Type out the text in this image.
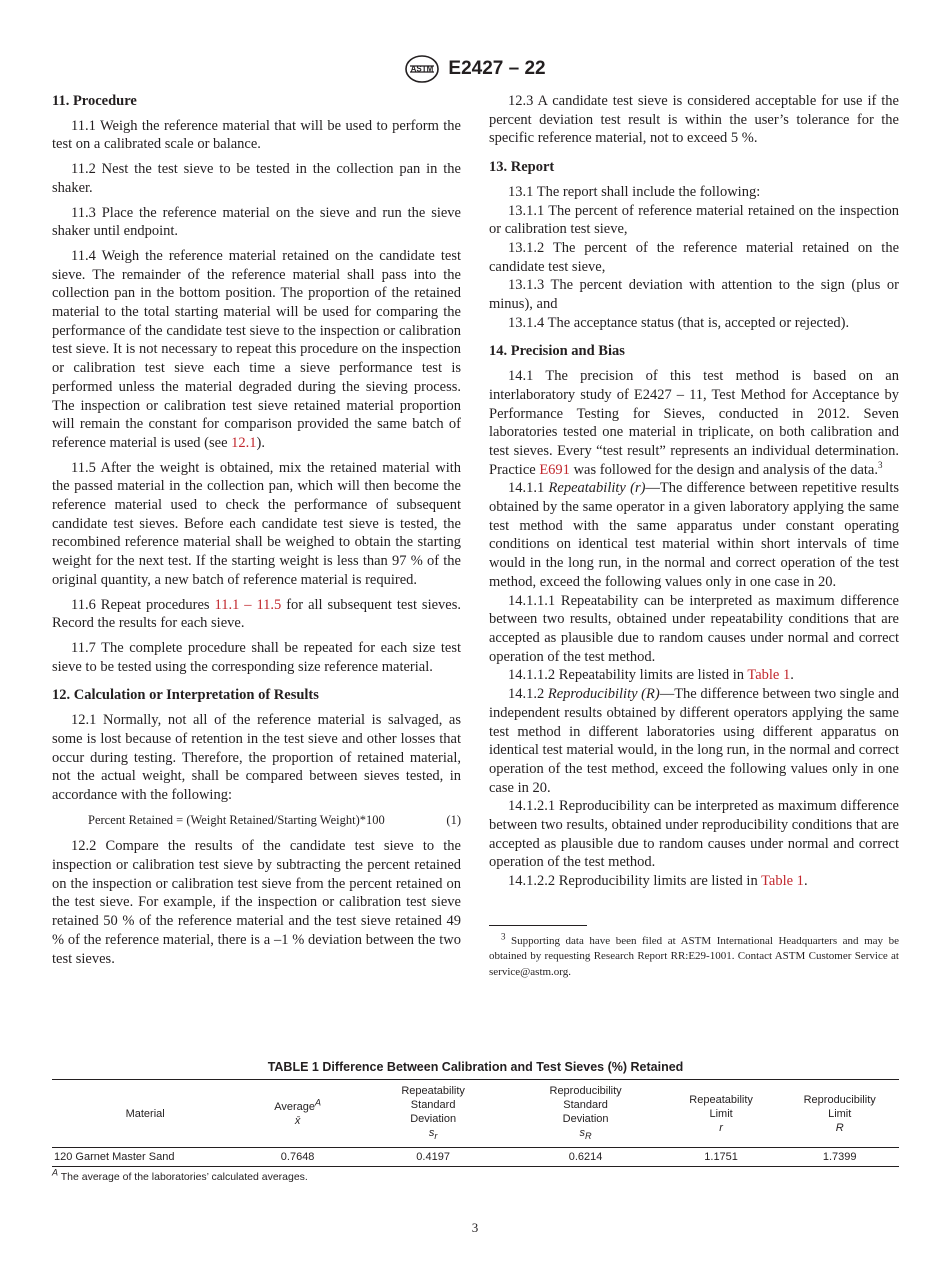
ASTM E2427 – 22
11. Procedure

11.1 Weigh the reference material that will be used to perform the test on a calibrated scale or balance.

11.2 Nest the test sieve to be tested in the collection pan in the shaker.

11.3 Place the reference material on the sieve and run the sieve shaker until endpoint.

11.4 Weigh the reference material retained on the candidate test sieve. The remainder of the reference material shall pass into the collection pan in the bottom position. The proportion of the retained material to the total starting material will be used for comparing the performance of the candidate test sieve to the inspection or calibration test sieve. It is not necessary to repeat this procedure on the inspection or calibration test sieve each time a sieve performance test is performed unless the material degraded during the sieving process. The inspection or calibration test sieve retained material proportion will remain the constant for comparison provided the same batch of reference material is used (see 12.1).

11.5 After the weight is obtained, mix the retained material with the passed material in the collection pan, which will then become the reference material used to check the performance of subsequent candidate test sieves. Before each candidate test sieve is tested, the recombined reference material shall be weighed to obtain the starting weight for the next test. If the starting weight is less than 97 % of the original quantity, a new batch of reference material is required.

11.6 Repeat procedures 11.1 – 11.5 for all subsequent test sieves. Record the results for each sieve.

11.7 The complete procedure shall be repeated for each size test sieve to be tested using the corresponding size reference material.

12. Calculation or Interpretation of Results

12.1 Normally, not all of the reference material is salvaged, as some is lost because of retention in the test sieve and other losses that occur during testing. Therefore, the proportion of retained material, not the actual weight, shall be compared between sieves tested, in accordance with the following:

Percent Retained = (Weight Retained/Starting Weight)*100	(1)

12.2 Compare the results of the candidate test sieve to the inspection or calibration test sieve by subtracting the percent retained on the inspection or calibration test sieve from the percent retained on the test sieve. For example, if the inspection or calibration test sieve retained 50 % of the reference material and the test sieve retained 49 % of the reference material, there is a –1 % deviation between the two test sieves.

12.3 A candidate test sieve is considered acceptable for use if the percent deviation test result is within the user’s tolerance for the specific reference material, not to exceed 5 %.

13. Report

13.1 The report shall include the following:

13.1.1 The percent of reference material retained on the inspection or calibration test sieve,

13.1.2 The percent of the reference material retained on the candidate test sieve,

13.1.3 The percent deviation with attention to the sign (plus or minus), and

13.1.4 The acceptance status (that is, accepted or rejected).

14. Precision and Bias

14.1 The precision of this test method is based on an interlaboratory study of E2427 – 11, Test Method for Acceptance by Performance Testing for Sieves, conducted in 2012. Seven laboratories tested one material in triplicate, on both calibration and test sieves. Every “test result” represents an individual determination. Practice E691 was followed for the design and analysis of the data.$^3$

14.1.1 Repeatability (r)—The difference between repetitive results obtained by the same operator in a given laboratory applying the same test method with the same apparatus under constant operating conditions on identical test material within short intervals of time would in the long run, in the normal and correct operation of the test method, exceed the following values only in one case in 20.

14.1.1.1 Repeatability can be interpreted as maximum difference between two results, obtained under repeatability conditions that are accepted as plausible due to random causes under normal and correct operation of the test method.

14.1.1.2 Repeatability limits are listed in Table 1.

14.1.2 Reproducibility (R)—The difference between two single and independent results obtained by different operators applying the same test method in different laboratories using different apparatus on identical test material would, in the long run, in the normal and correct operation of the test method, exceed the following values only in one case in 20.

14.1.2.1 Reproducibility can be interpreted as maximum difference between two results, obtained under reproducibility conditions that are accepted as plausible due to random causes under normal and correct operation of the test method.

14.1.2.2 Reproducibility limits are listed in Table 1.

$^3$ Supporting data have been filed at ASTM International Headquarters and may be obtained by requesting Research Report RR:E29-1001. Contact ASTM Customer Service at service@astm.org.
TABLE 1 Difference Between Calibration and Test Sieves (%) Retained
Material	Average$^A$
x̄	Repeatability
Standard
Deviation
$s_r$	Reproducibility
Standard
Deviation
$s_R$	Repeatability
Limit
r	Reproducibility
Limit
R
120 Garnet Master Sand	0.7648	0.4197	0.6214	1.1751	1.7399
$^A$ The average of the laboratories’ calculated averages.
3
